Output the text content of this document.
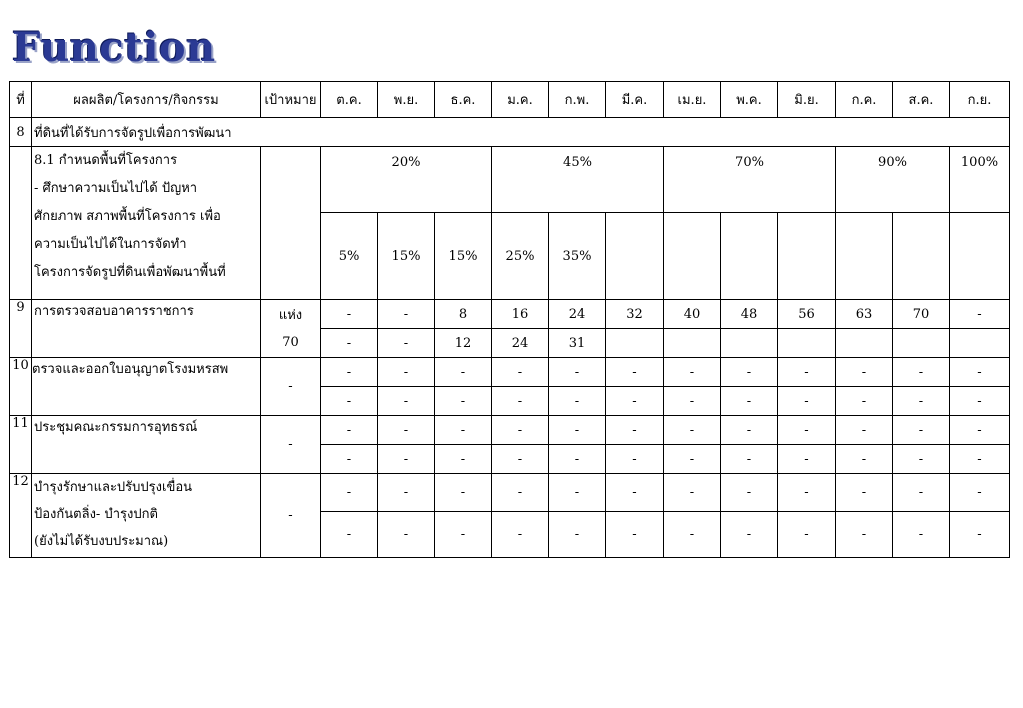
Function
ที่	ผลผลิต/โครงการ/กิจกรรม	เป้าหมาย	ต.ค.	พ.ย.	ธ.ค.	ม.ค.	ก.พ.	มี.ค.	เม.ย.	พ.ค.	มิ.ย.	ก.ค.	ส.ค.	ก.ย.
8	ที่ดินที่ได้รับการจัดรูปเพื่อการพัฒนา													

	8.1 กำหนดพื้นที่โครงการ
- ศึกษาความเป็นไปได้ ปัญหา
ศักยภาพ สภาพพื้นที่โครงการ เพื่อ
ความเป็นไปได้ในการจัดทำ
โครงการจัดรูปที่ดินเพื่อพัฒนาพื้นที่		20%			45%			70%			90%		100%
			5%	15%	15%	25%	35%							
9	การตรวจสอบอาคารราชการ	แห่ง	-	-	8	16	24	32	40	48	56	63	70	-
		70	-	-	12	24	31							
10	ตรวจและออกใบอนุญาตโรงมหรสพ	-	-	-	-	-	-	-	-	-	-	-	-	-
			-	-	-	-	-	-	-	-	-	-	-	-
11	ประชุมคณะกรรมการอุทธรณ์	-	-	-	-	-	-	-	-	-	-	-	-	-
			-	-	-	-	-	-	-	-	-	-	-	-
12	บำรุงรักษาและปรับปรุงเขื่อน
ป้องกันตลิ่ง- บำรุงปกติ
(ยังไม่ได้รับงบประมาณ)	-	-	-	-	-	-	-	-	-	-	-	-	-
			-	-	-	-	-	-	-	-	-	-	-	-
